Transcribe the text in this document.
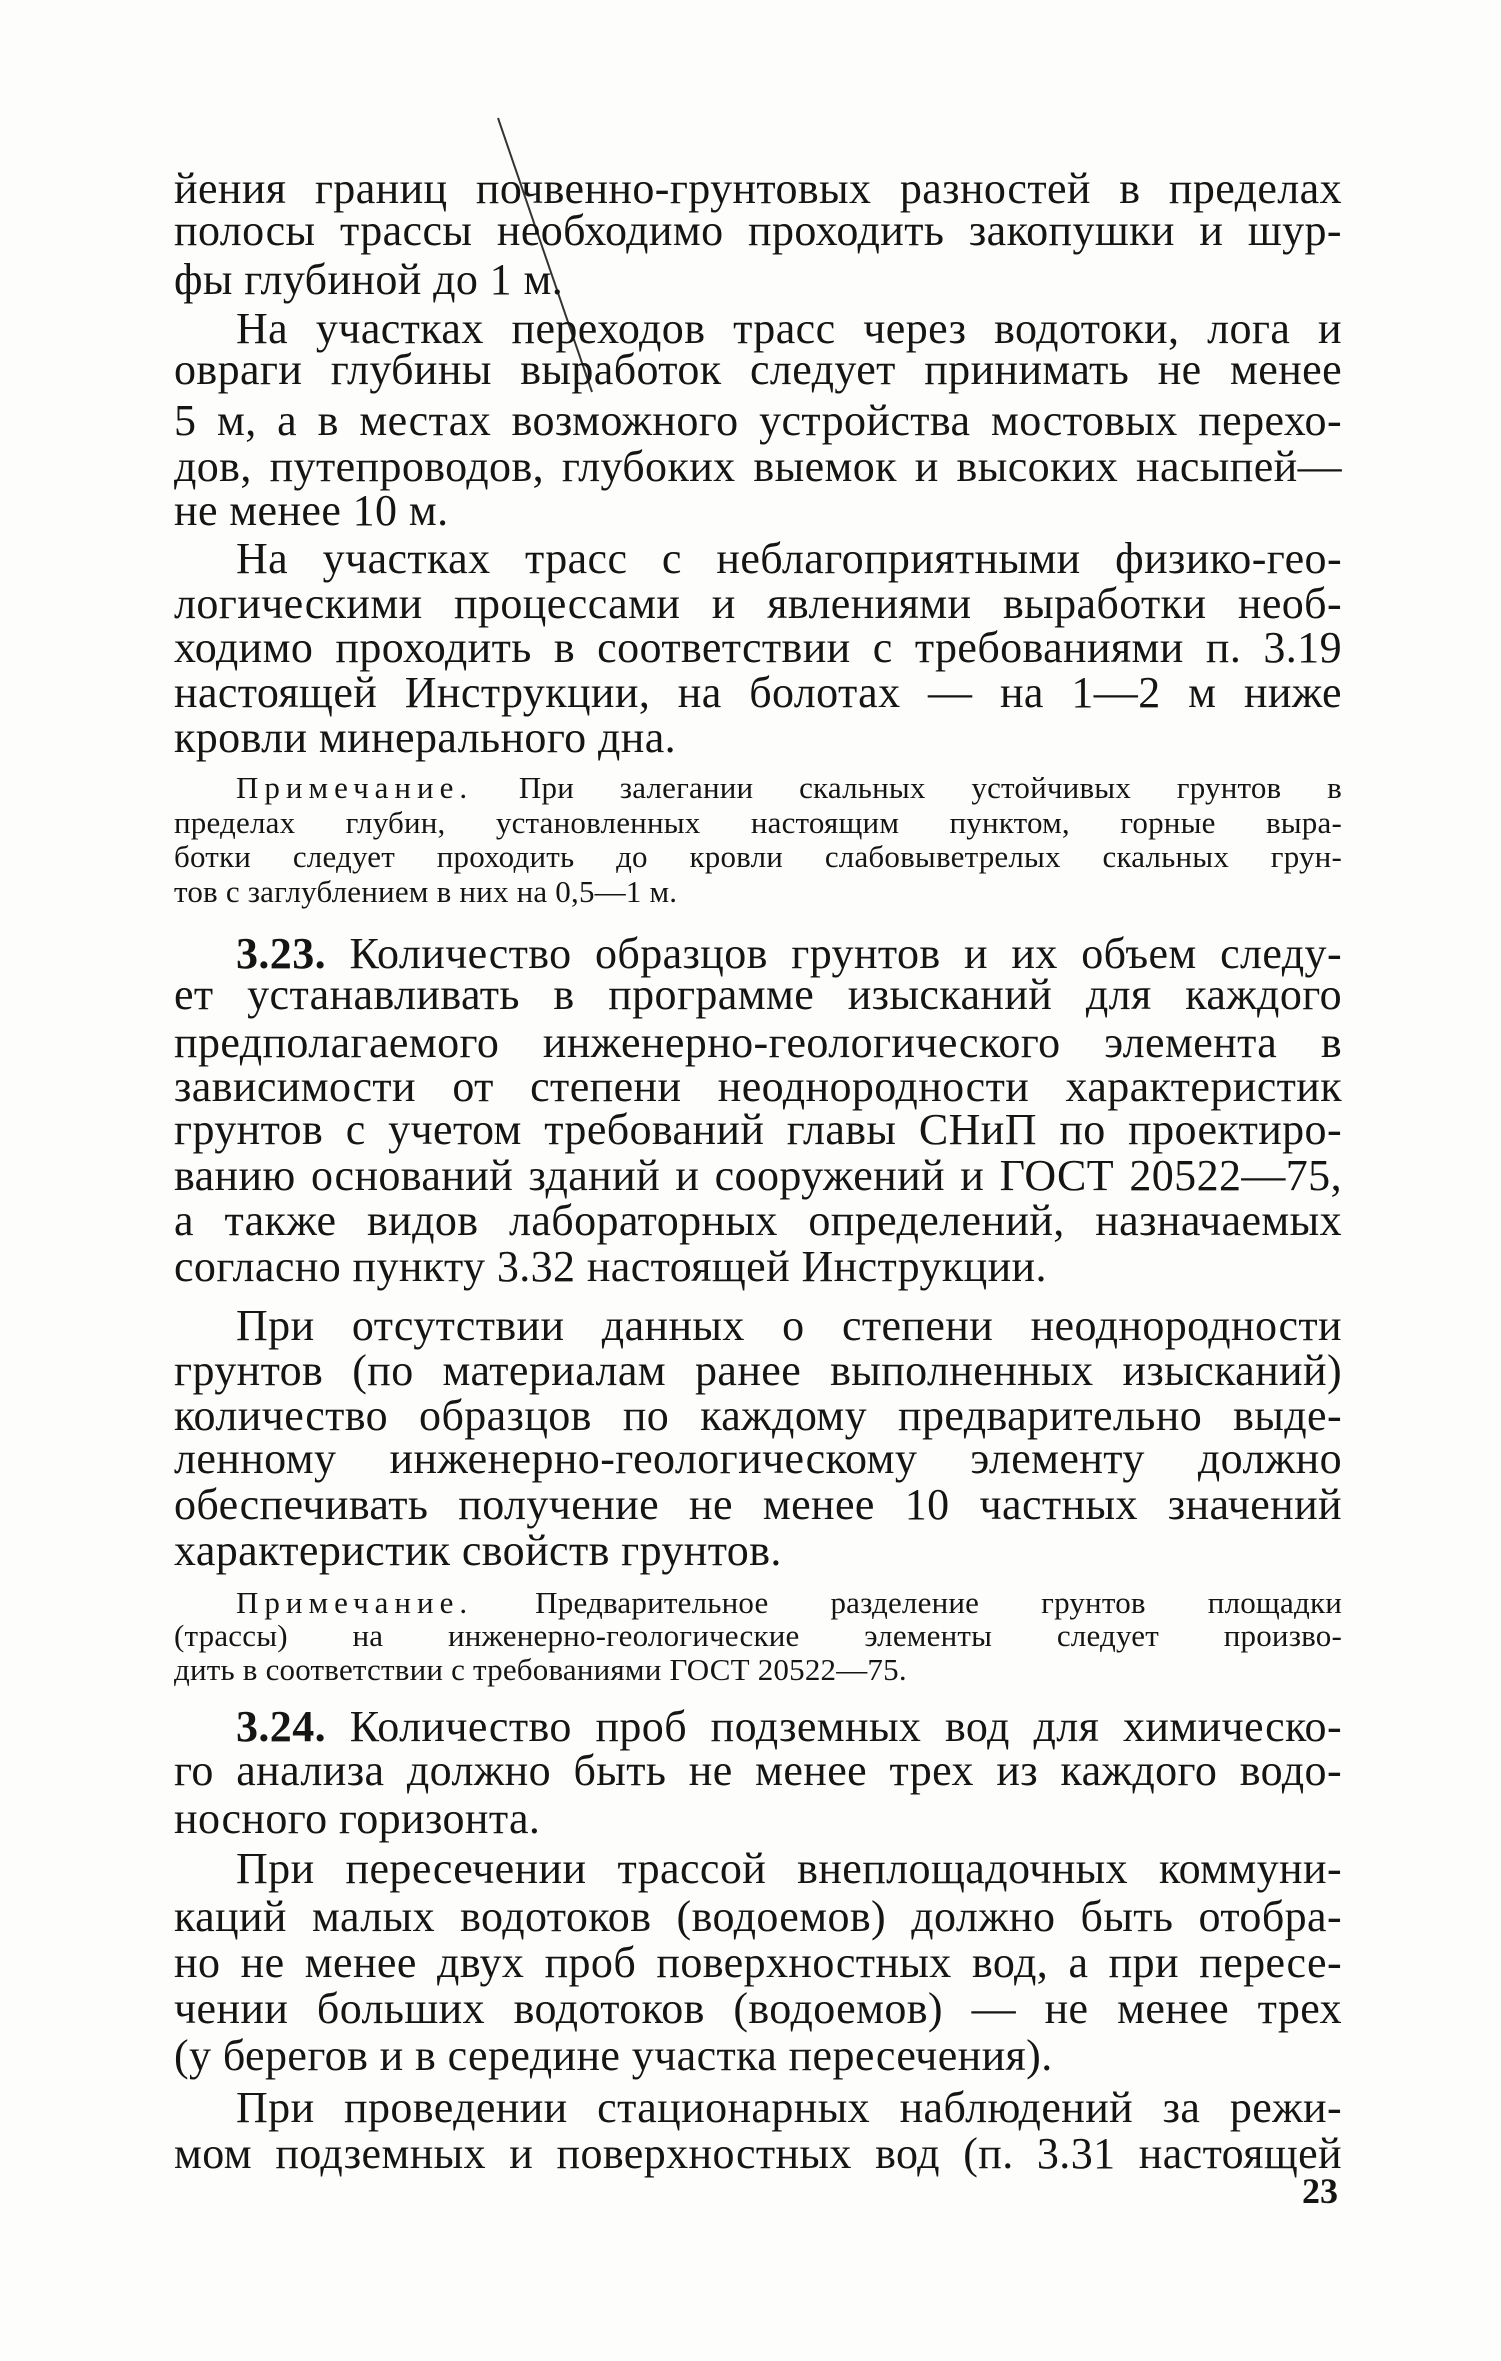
йения границ почвенно-грунтовых разностей в пределах
полосы трассы необходимо проходить закопушки и шур-
фы глубиной до 1 м.
На участках переходов трасс через водотоки, лога и
овраги глубины выработок следует принимать не менее
5 м, а в местах возможного устройства мостовых перехо-
дов, путепроводов, глубоких выемок и высоких насыпей—
не менее 10 м.
На участках трасс с неблагоприятными физико-гео-
логическими процессами и явлениями выработки необ-
ходимо проходить в соответствии с требованиями п. 3.19
настоящей Инструкции, на болотах — на 1—2 м ниже
кровли минерального дна.
Примечание. При залегании скальных устойчивых грунтов в
пределах глубин, установленных настоящим пунктом, горные выра-
ботки следует проходить до кровли слабовыветрелых скальных грун-
тов с заглублением в них на 0,5—1 м.
3.23. Количество образцов грунтов и их объем следу-
ет устанавливать в программе изысканий для каждого
предполагаемого инженерно-геологического элемента в
зависимости от степени неоднородности характеристик
грунтов с учетом требований главы СНиП по проектиро-
ванию оснований зданий и сооружений и ГОСТ 20522—75,
а также видов лабораторных определений, назначаемых
согласно пункту 3.32 настоящей Инструкции.
При отсутствии данных о степени неоднородности
грунтов (по материалам ранее выполненных изысканий)
количество образцов по каждому предварительно выде-
ленному инженерно-геологическому элементу должно
обеспечивать получение не менее 10 частных значений
характеристик свойств грунтов.
Примечание. Предварительное разделение грунтов площадки
(трассы) на инженерно-геологические элементы следует произво-
дить в соответствии с требованиями ГОСТ 20522—75.
3.24. Количество проб подземных вод для химическо-
го анализа должно быть не менее трех из каждого водо-
носного горизонта.
При пересечении трассой внеплощадочных коммуни-
каций малых водотоков (водоемов) должно быть отобра-
но не менее двух проб поверхностных вод, а при пересе-
чении больших водотоков (водоемов) — не менее трех
(у берегов и в середине участка пересечения).
При проведении стационарных наблюдений за режи-
мом подземных и поверхностных вод (п. 3.31 настоящей
23
